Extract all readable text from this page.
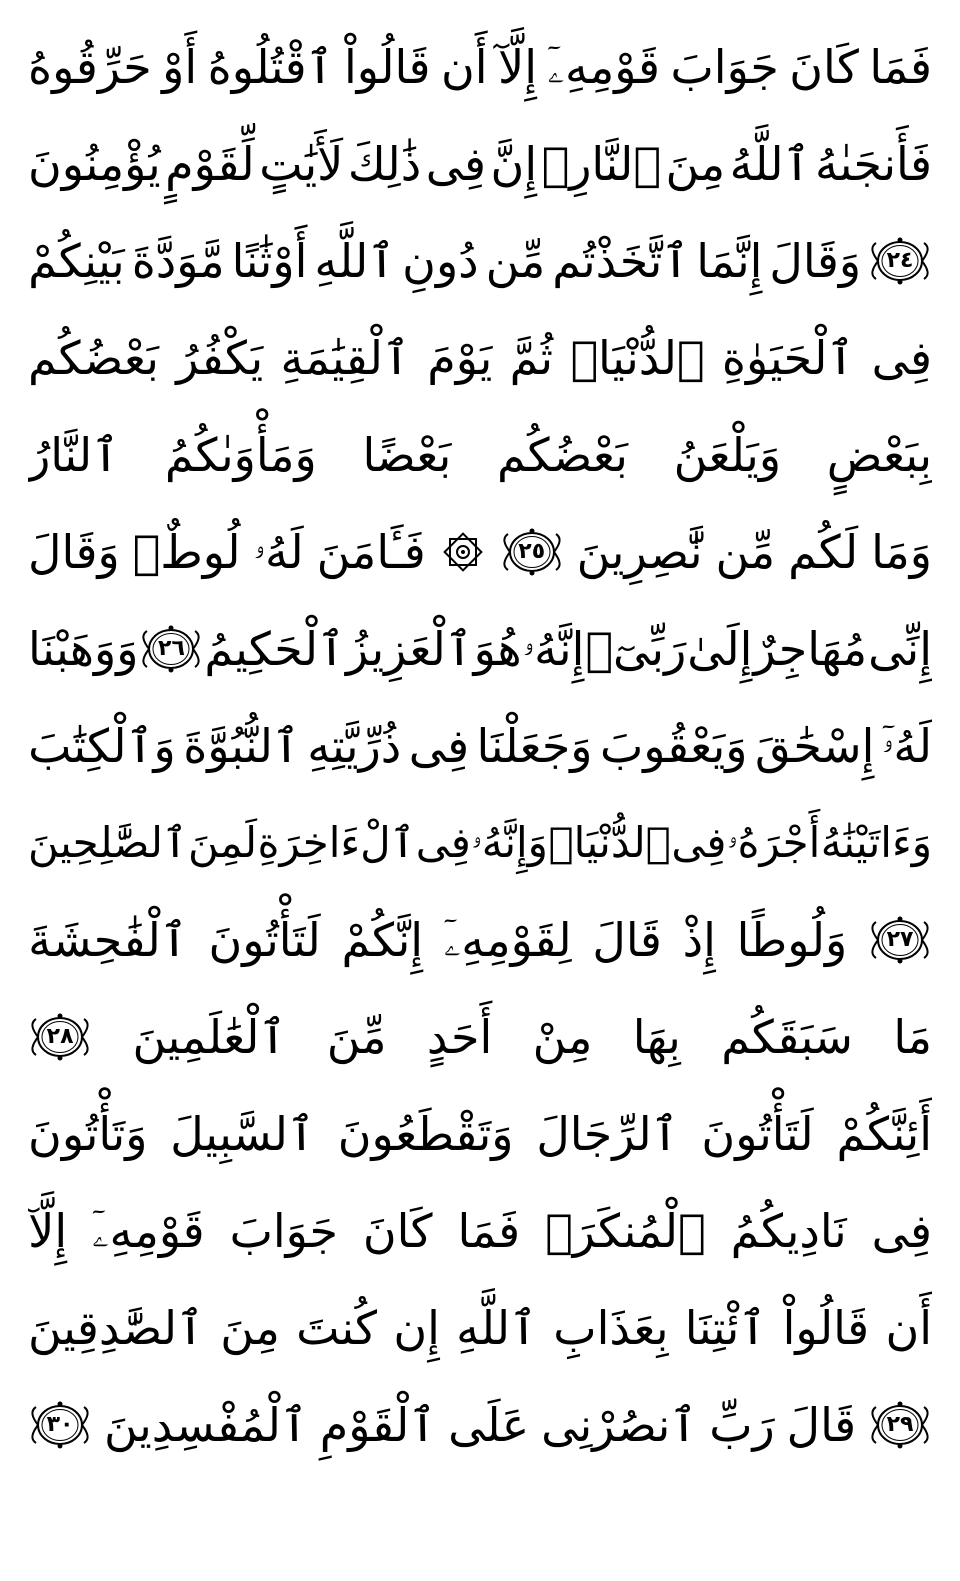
فَمَا
كَانَ
جَوَابَ
قَوْمِهِۦٓ
إِلَّآ
أَن
قَالُواْ
ٱقْتُلُوهُ
أَوْ
حَرِّقُوهُ
فَأَنجَىٰهُ
ٱللَّهُ
مِنَ
ٱلنَّارِۚ
إِنَّ
فِى
ذَٰلِكَ
لَأَيَٰتٍ
لِّقَوْمٍ
يُؤْمِنُونَ
٢٤
وَقَالَ
إِنَّمَا
ٱتَّخَذْتُم
مِّن
دُونِ
ٱللَّهِ
أَوْثَٰنًا
مَّوَدَّةَ
بَيْنِكُمْ
فِى
ٱلْحَيَوٰةِ
ٱلدُّنْيَاۖ
ثُمَّ
يَوْمَ
ٱلْقِيَٰمَةِ
يَكْفُرُ
بَعْضُكُم
بِبَعْضٍ
وَيَلْعَنُ
بَعْضُكُم
بَعْضًا
وَمَأْوَىٰكُمُ
ٱلنَّارُ
وَمَا
لَكُم
مِّن
نَّٰصِرِينَ
٢٥
فَـَٔامَنَ
لَهُۥ
لُوطٌۘ
وَقَالَ
إِنِّى
مُهَاجِرٌ
إِلَىٰ
رَبِّىٓۖ
إِنَّهُۥ
هُوَ
ٱلْعَزِيزُ
ٱلْحَكِيمُ
٢٦
وَوَهَبْنَا
لَهُۥٓ
إِسْحَٰقَ
وَيَعْقُوبَ
وَجَعَلْنَا
فِى
ذُرِّيَّتِهِ
ٱلنُّبُوَّةَ
وَٱلْكِتَٰبَ
وَءَاتَيْنَٰهُ
أَجْرَهُۥ
فِى
ٱلدُّنْيَاۖ
وَإِنَّهُۥ
فِى
ٱلْءَاخِرَةِ
لَمِنَ
ٱلصَّٰلِحِينَ
٢٧
وَلُوطًا
إِذْ
قَالَ
لِقَوْمِهِۦٓ
إِنَّكُمْ
لَتَأْتُونَ
ٱلْفَٰحِشَةَ
مَا
سَبَقَكُم
بِهَا
مِنْ
أَحَدٍ
مِّنَ
ٱلْعَٰلَمِينَ
٢٨
أَئِنَّكُمْ
لَتَأْتُونَ
ٱلرِّجَالَ
وَتَقْطَعُونَ
ٱلسَّبِيلَ
وَتَأْتُونَ
فِى
نَادِيكُمُ
ٱلْمُنكَرَۖ
فَمَا
كَانَ
جَوَابَ
قَوْمِهِۦٓ
إِلَّآ
أَن
قَالُواْ
ٱئْتِنَا
بِعَذَابِ
ٱللَّهِ
إِن
كُنتَ
مِنَ
ٱلصَّٰدِقِينَ
٢٩
قَالَ
رَبِّ
ٱنصُرْنِى
عَلَى
ٱلْقَوْمِ
ٱلْمُفْسِدِينَ
٣٠
